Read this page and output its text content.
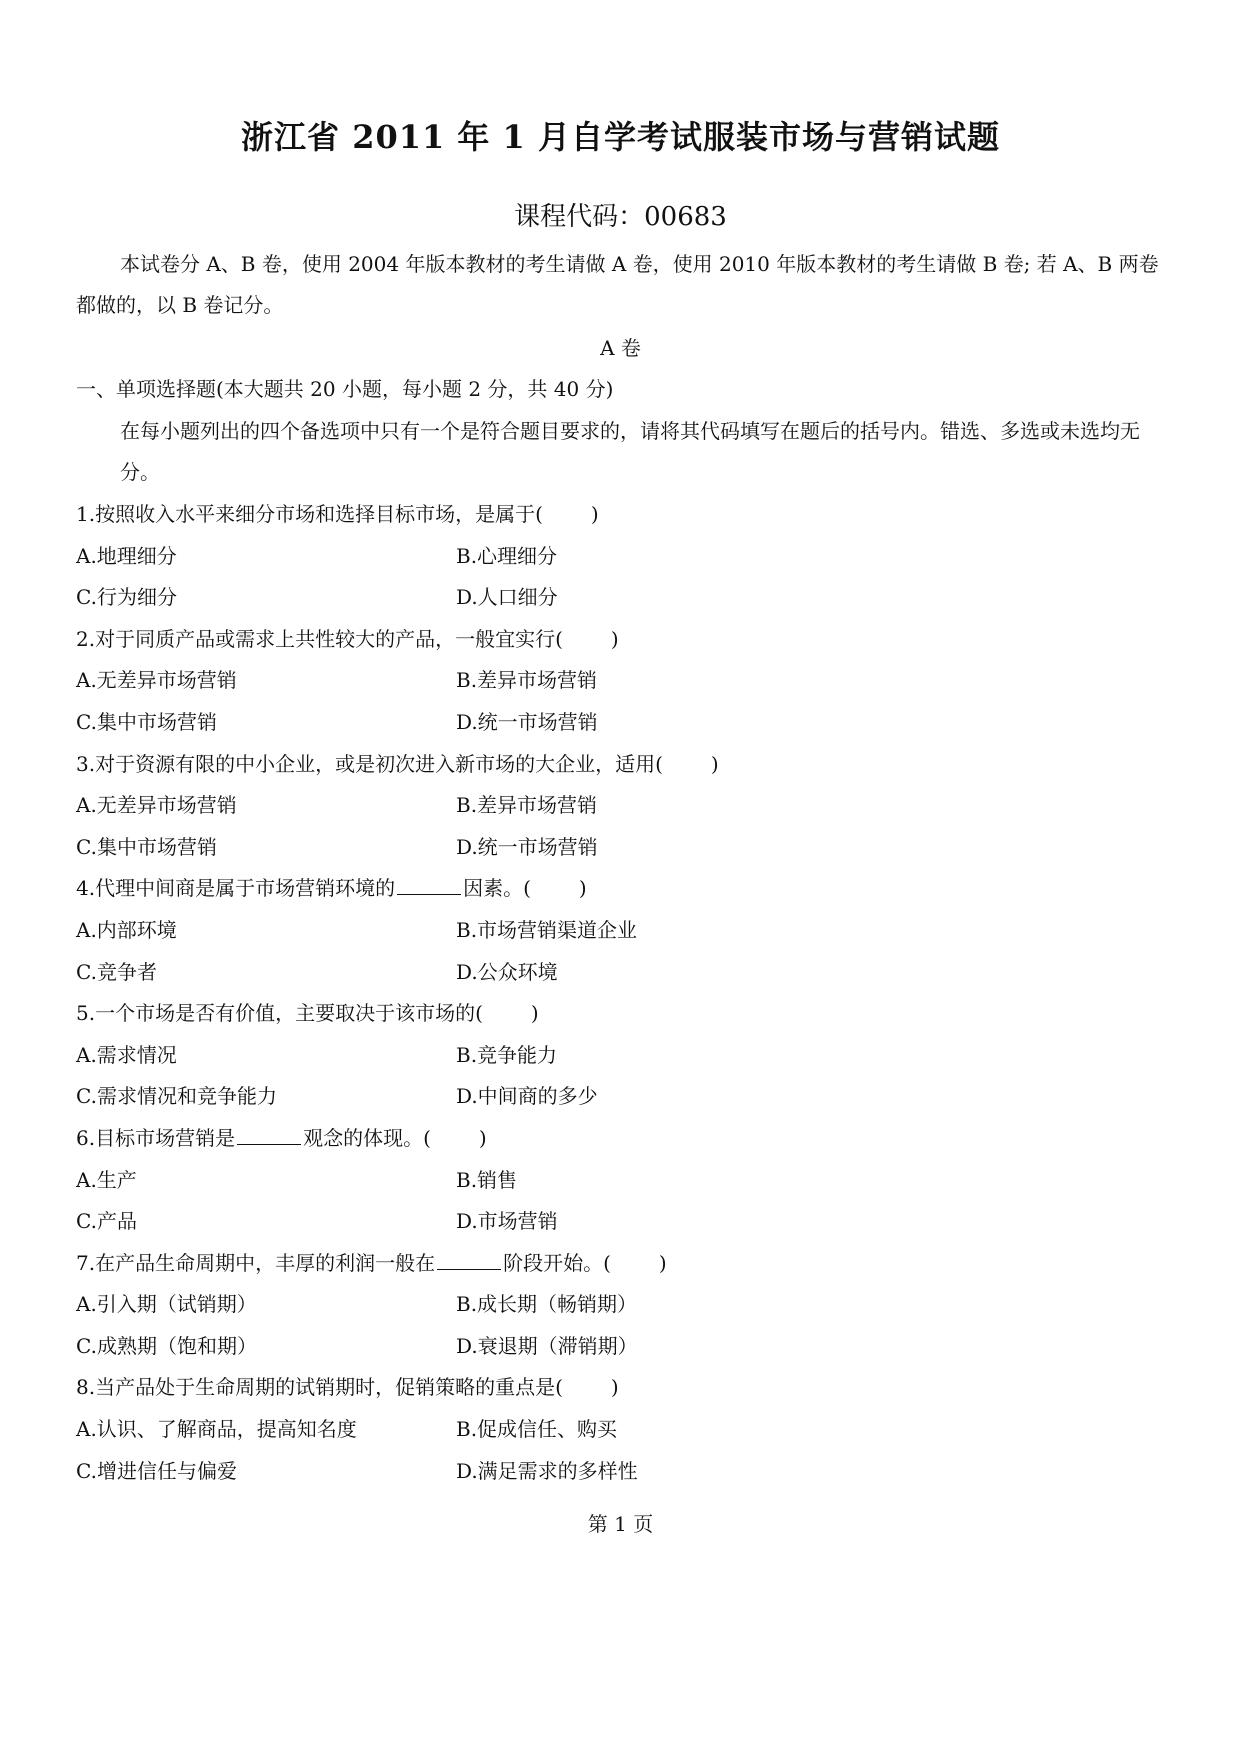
浙江省 2011 年 1 月自学考试服装市场与营销试题
课程代码：00683
本试卷分 A、B 卷，使用 2004 年版本教材的考生请做 A 卷，使用 2010 年版本教材的考生请做 B 卷; 若 A、B 两卷都做的，以 B 卷记分。
A 卷
一、单项选择题(本大题共 20 小题，每小题 2 分，共 40 分)
在每小题列出的四个备选项中只有一个是符合题目要求的，请将其代码填写在题后的括号内。错选、多选或未选均无分。
1.按照收入水平来细分市场和选择目标市场，是属于( )
A.地理细分	B.心理细分
C.行为细分	D.人口细分
2.对于同质产品或需求上共性较大的产品，一般宜实行( )
A.无差异市场营销	B.差异市场营销
C.集中市场营销	D.统一市场营销
3.对于资源有限的中小企业，或是初次进入新市场的大企业，适用( )
A.无差异市场营销	B.差异市场营销
C.集中市场营销	D.统一市场营销
4.代理中间商是属于市场营销环境的	因素。( )
A.内部环境	B.市场营销渠道企业
C.竞争者	D.公众环境
5.一个市场是否有价值，主要取决于该市场的( )
A.需求情况	B.竞争能力
C.需求情况和竞争能力	D.中间商的多少
6.目标市场营销是	观念的体现。( )
A.生产	B.销售
C.产品	D.市场营销
7.在产品生命周期中，丰厚的利润一般在	阶段开始。( )
A.引入期（试销期）	B.成长期（畅销期）
C.成熟期（饱和期）	D.衰退期（滞销期）
8.当产品处于生命周期的试销期时，促销策略的重点是( )
A.认识、了解商品，提高知名度	B.促成信任、购买
C.增进信任与偏爱	D.满足需求的多样性
第 1 页
